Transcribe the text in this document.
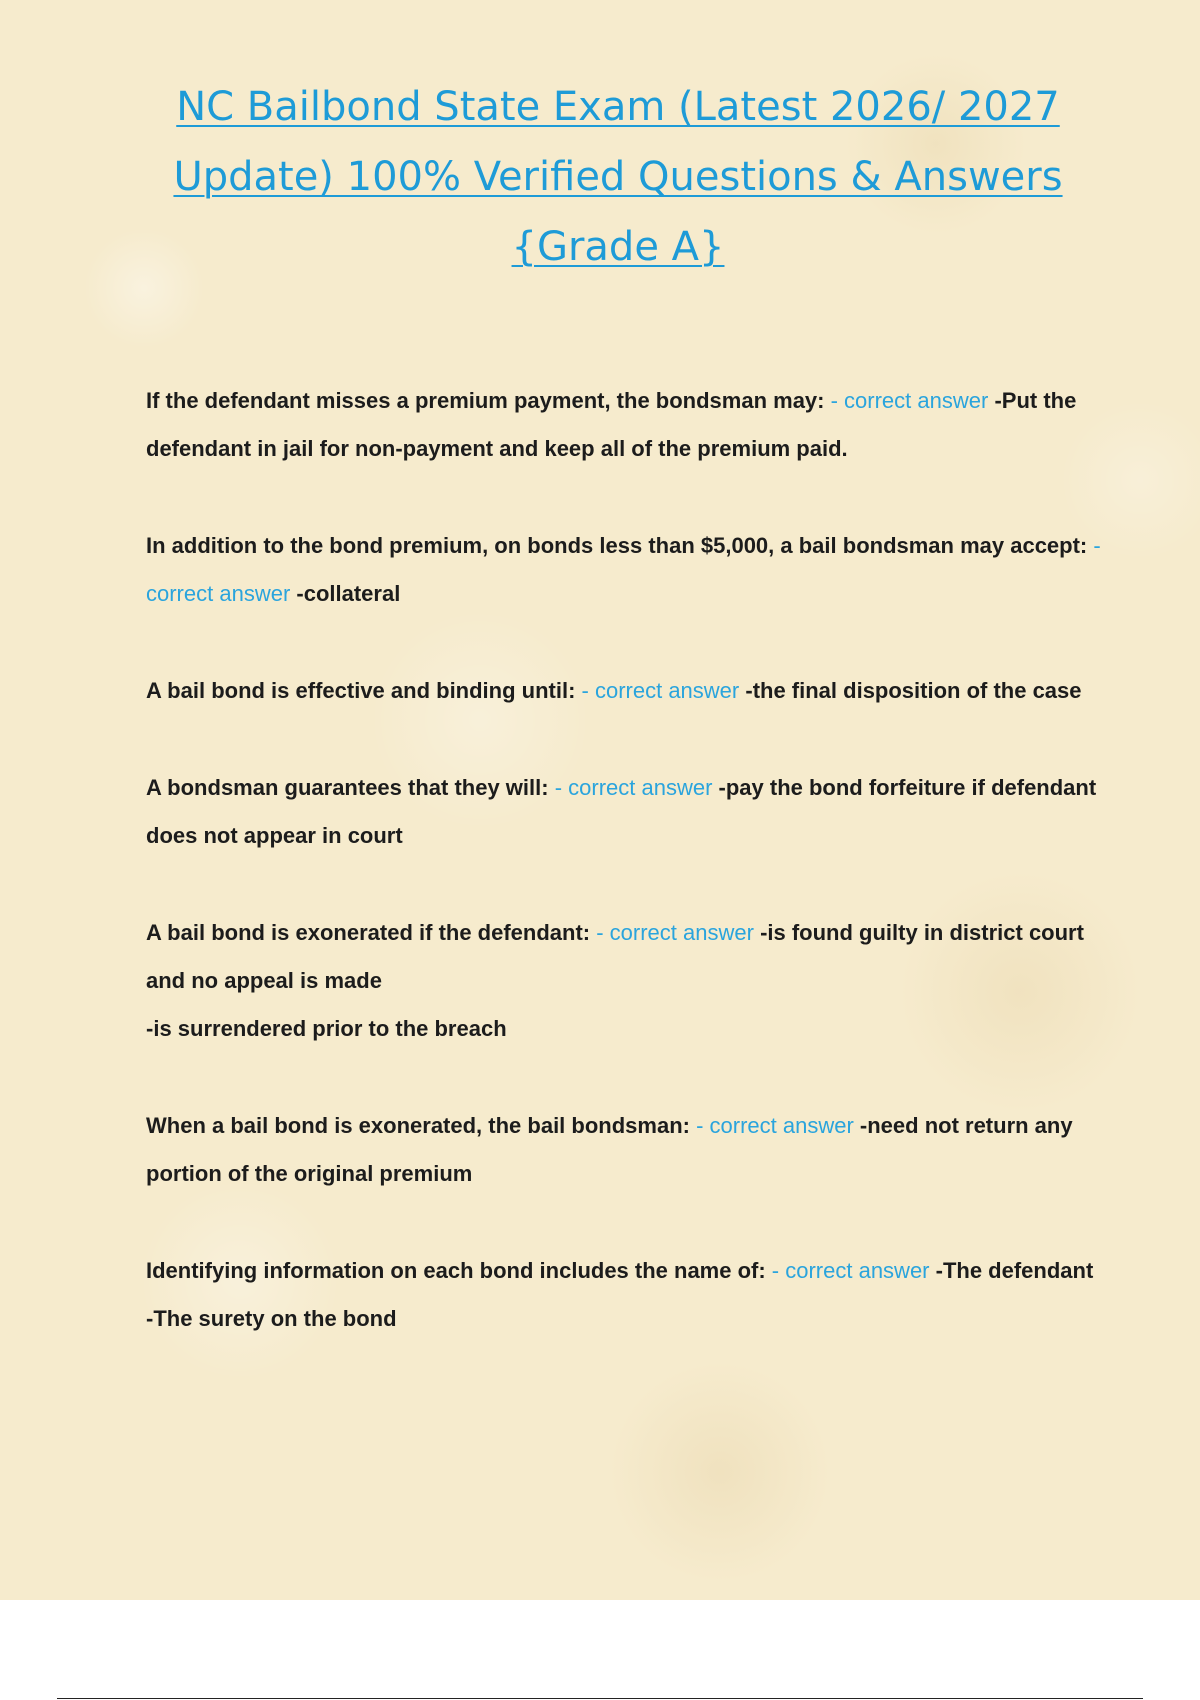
NC Bailbond State Exam (Latest 2026/ 2027 Update) 100% Verified Questions & Answers {Grade A}
If the defendant misses a premium payment, the bondsman may: - correct answer -Put the defendant in jail for non-payment and keep all of the premium paid.
In addition to the bond premium, on bonds less than $5,000, a bail bondsman may accept: - correct answer -collateral
A bail bond is effective and binding until: - correct answer -the final disposition of the case
A bondsman guarantees that they will: - correct answer -pay the bond forfeiture if defendant does not appear in court
A bail bond is exonerated if the defendant: - correct answer -is found guilty in district court and no appeal is made
-is surrendered prior to the breach
When a bail bond is exonerated, the bail bondsman: - correct answer -need not return any portion of the original premium
Identifying information on each bond includes the name of: - correct answer -The defendant
-The surety on the bond
